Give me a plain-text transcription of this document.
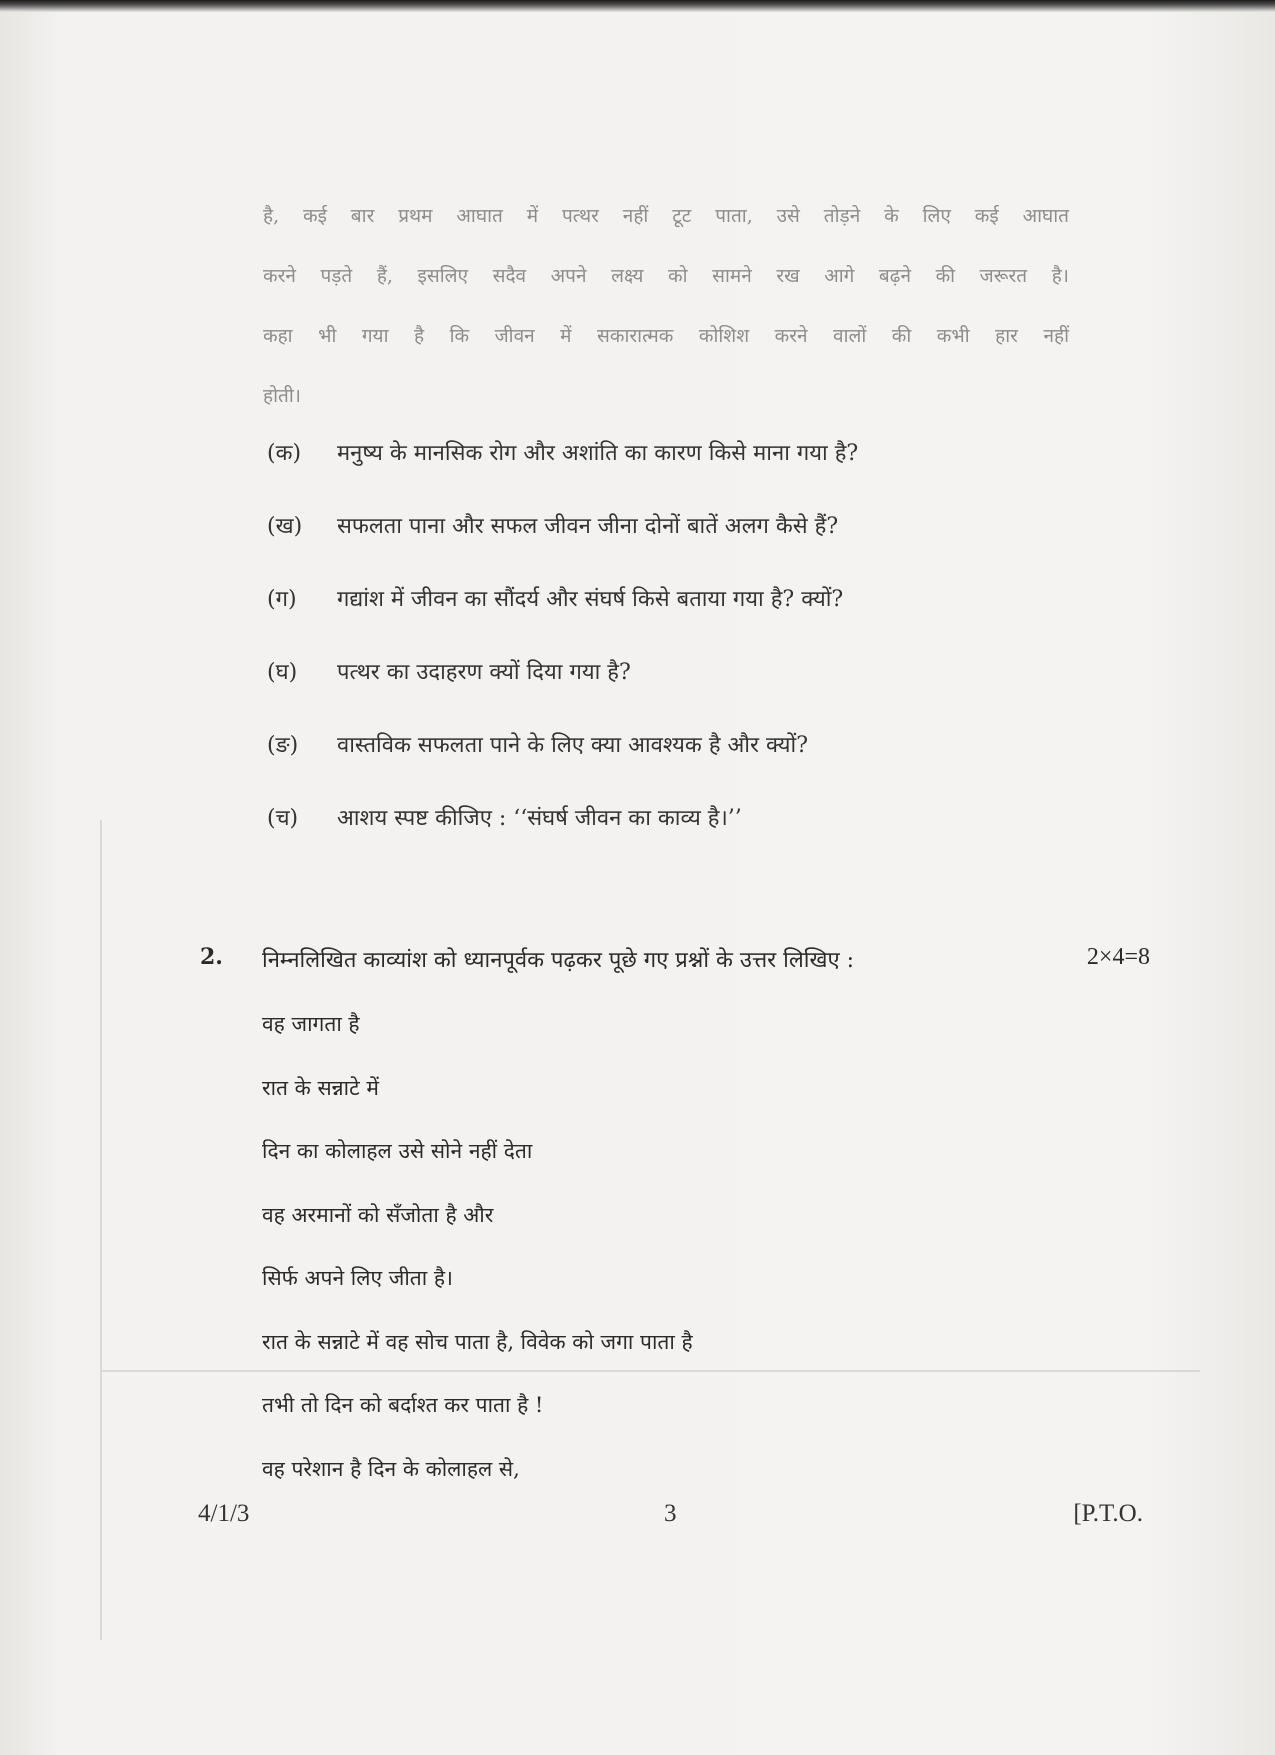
है, कई बार प्रथम आघात में पत्थर नहीं टूट पाता, उसे तोड़ने के लिए कई आघात
करने पड़ते हैं, इसलिए सदैव अपने लक्ष्य को सामने रख आगे बढ़ने की जरूरत है।
कहा भी गया है कि जीवन में सकारात्मक कोशिश करने वालों की कभी हार नहीं
होती।
(क)	मनुष्य के मानसिक रोग और अशांति का कारण किसे माना गया है?
(ख)	सफलता पाना और सफल जीवन जीना दोनों बातें अलग कैसे हैं?
(ग)	गद्यांश में जीवन का सौंदर्य और संघर्ष किसे बताया गया है? क्यों?
(घ)	पत्थर का उदाहरण क्यों दिया गया है?
(ङ)	वास्तविक सफलता पाने के लिए क्या आवश्यक है और क्यों?
(च)	आशय स्पष्ट कीजिए : ‘‘संघर्ष जीवन का काव्य है।’’
2.	निम्नलिखित काव्यांश को ध्यानपूर्वक पढ़कर पूछे गए प्रश्नों के उत्तर लिखिए :	2×4=8
वह जागता है
रात के सन्नाटे में
दिन का कोलाहल उसे सोने नहीं देता
वह अरमानों को सँजोता है और
सिर्फ अपने लिए जीता है।
रात के सन्नाटे में वह सोच पाता है, विवेक को जगा पाता है
तभी तो दिन को बर्दाश्त कर पाता है !
वह परेशान है दिन के कोलाहल से,
4/1/3	3	[P.T.O.
